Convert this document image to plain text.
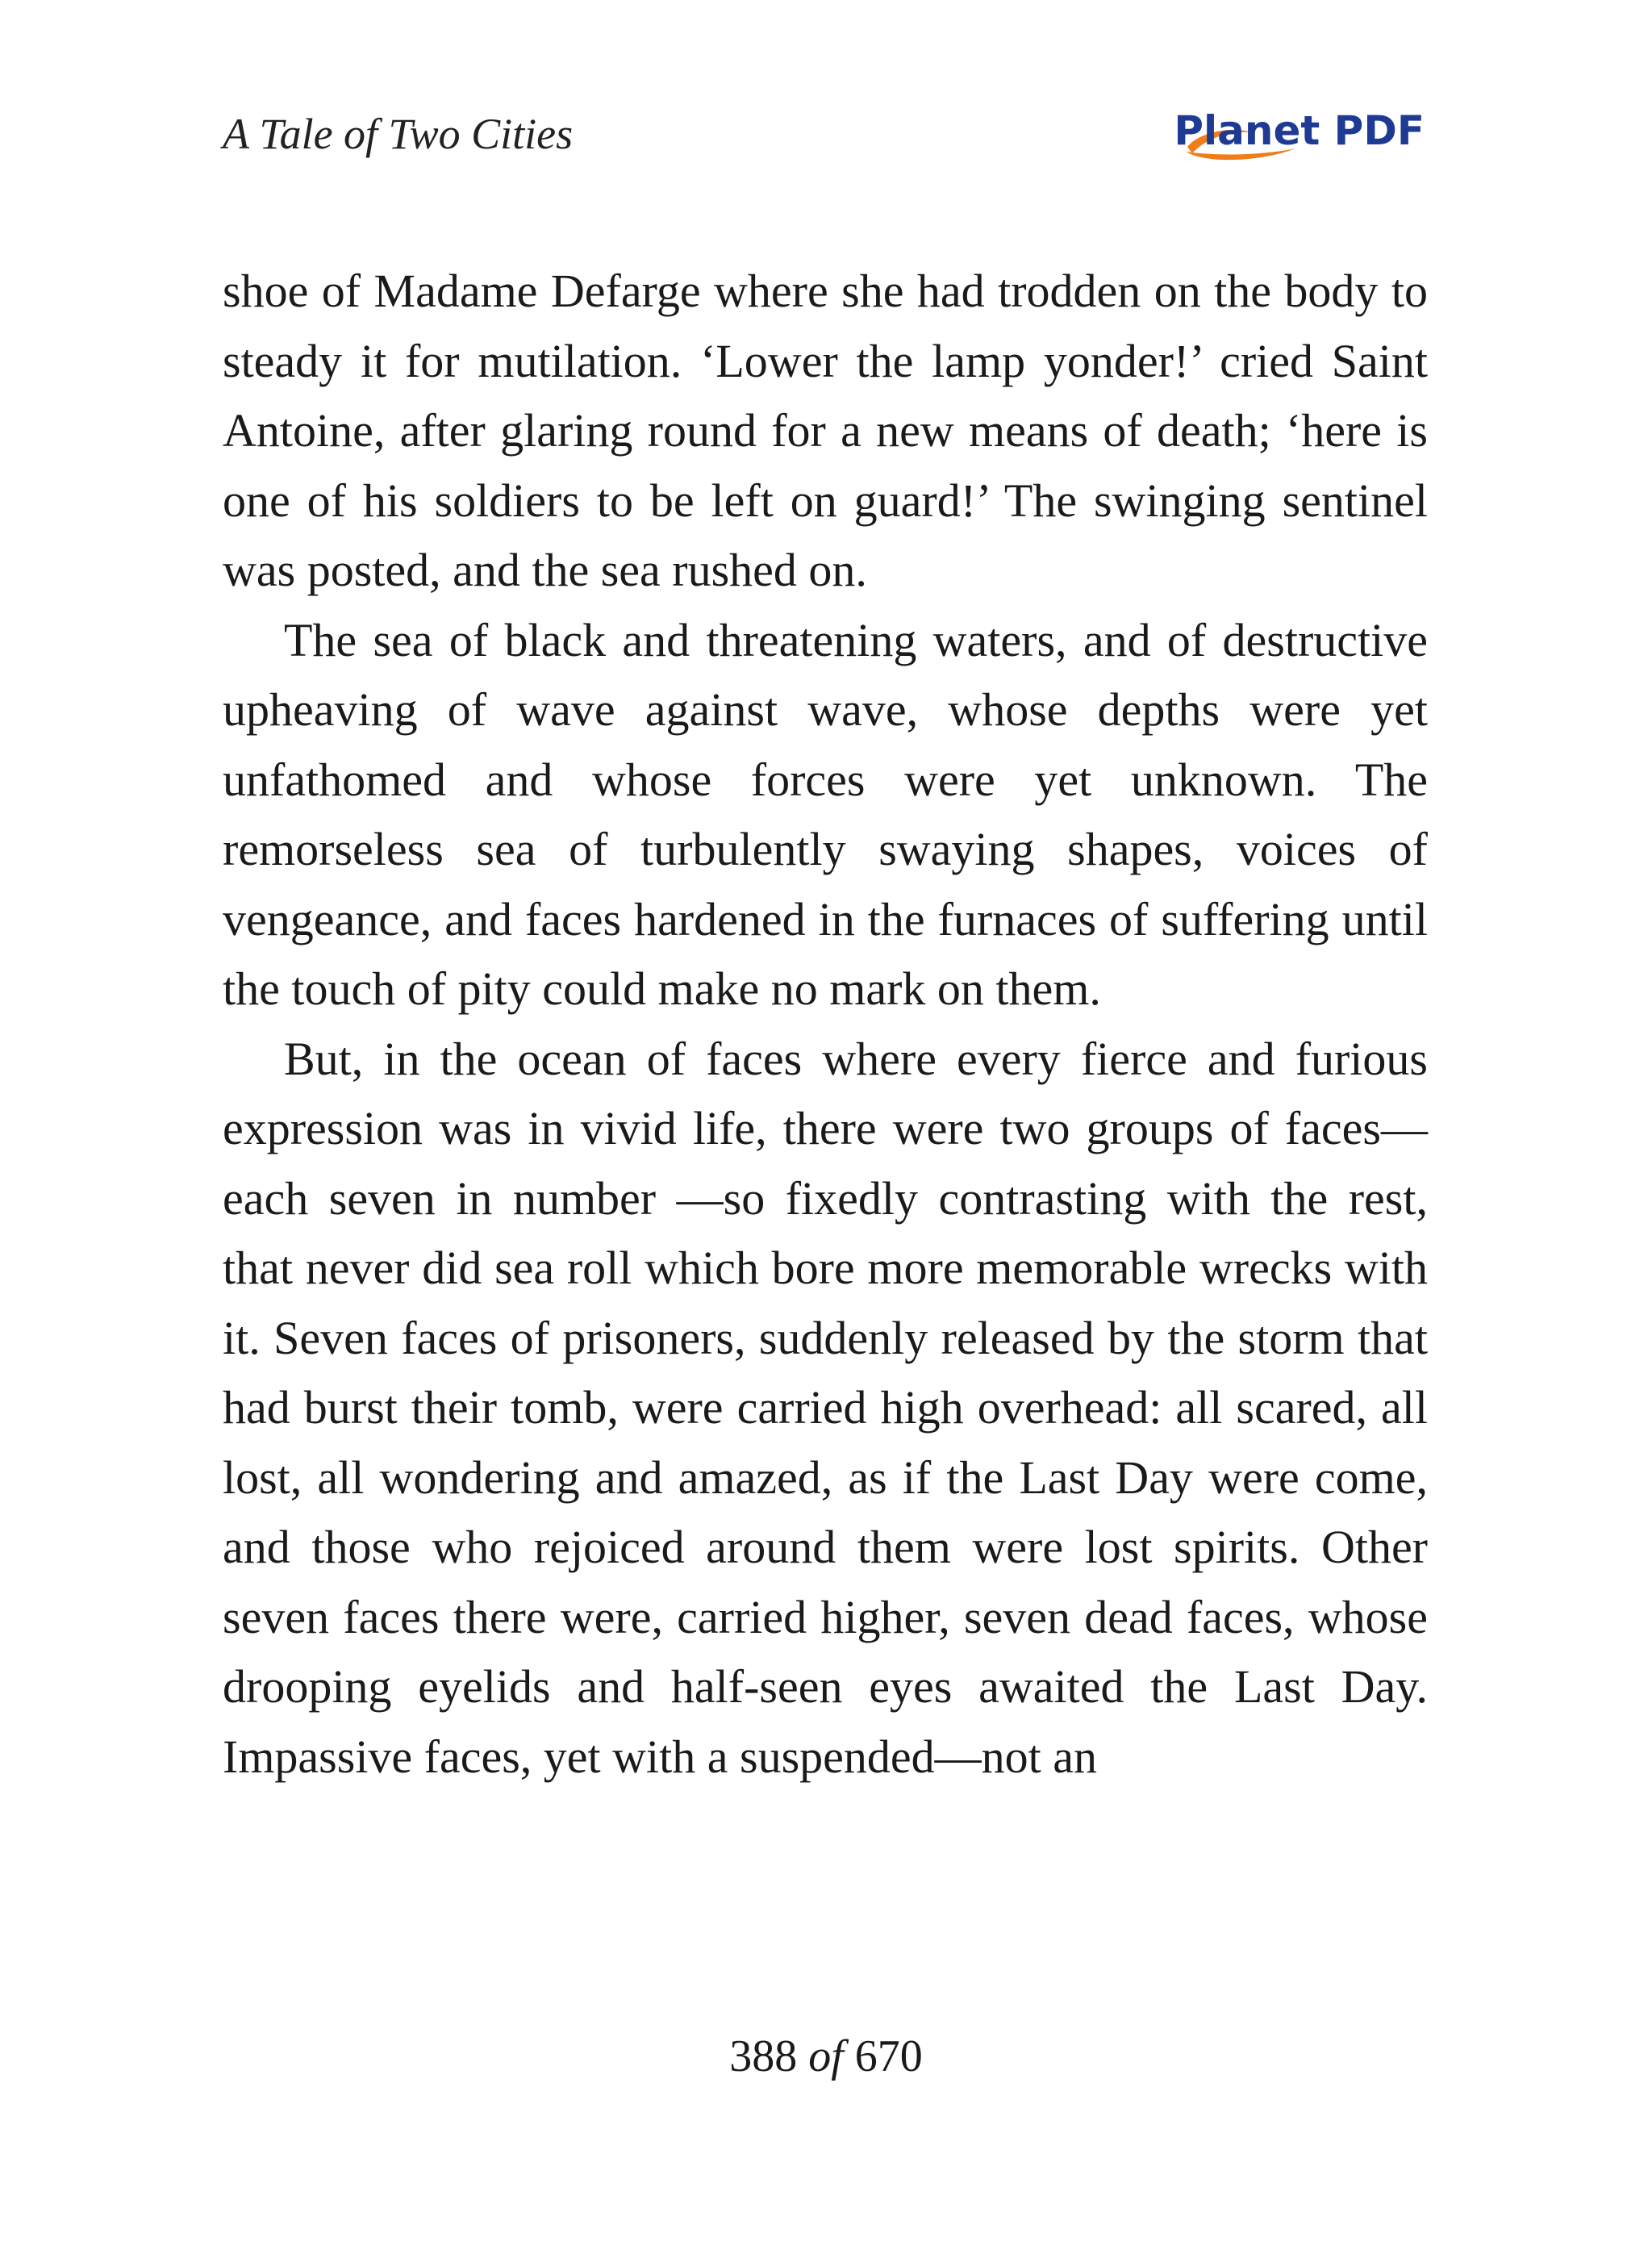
A Tale of Two Cities	Planet PDF

shoe of Madame Defarge where she had trodden on the body to steady it for mutilation. ‘Lower the lamp yonder!’ cried Saint Antoine, after glaring round for a new means of death; ‘here is one of his soldiers to be left on guard!’ The swinging sentinel was posted, and the sea rushed on.

The sea of black and threatening waters, and of destructive upheaving of wave against wave, whose depths were yet unfathomed and whose forces were yet unknown. The remorseless sea of turbulently swaying shapes, voices of vengeance, and faces hardened in the furnaces of suffering until the touch of pity could make no mark on them.

But, in the ocean of faces where every fierce and furious expression was in vivid life, there were two groups of faces—each seven in number —so fixedly contrasting with the rest, that never did sea roll which bore more memorable wrecks with it. Seven faces of prisoners, suddenly released by the storm that had burst their tomb, were carried high overhead: all scared, all lost, all wondering and amazed, as if the Last Day were come, and those who rejoiced around them were lost spirits. Other seven faces there were, carried higher, seven dead faces, whose drooping eyelids and half-seen eyes awaited the Last Day. Impassive faces, yet with a suspended—not an

388 of 670
